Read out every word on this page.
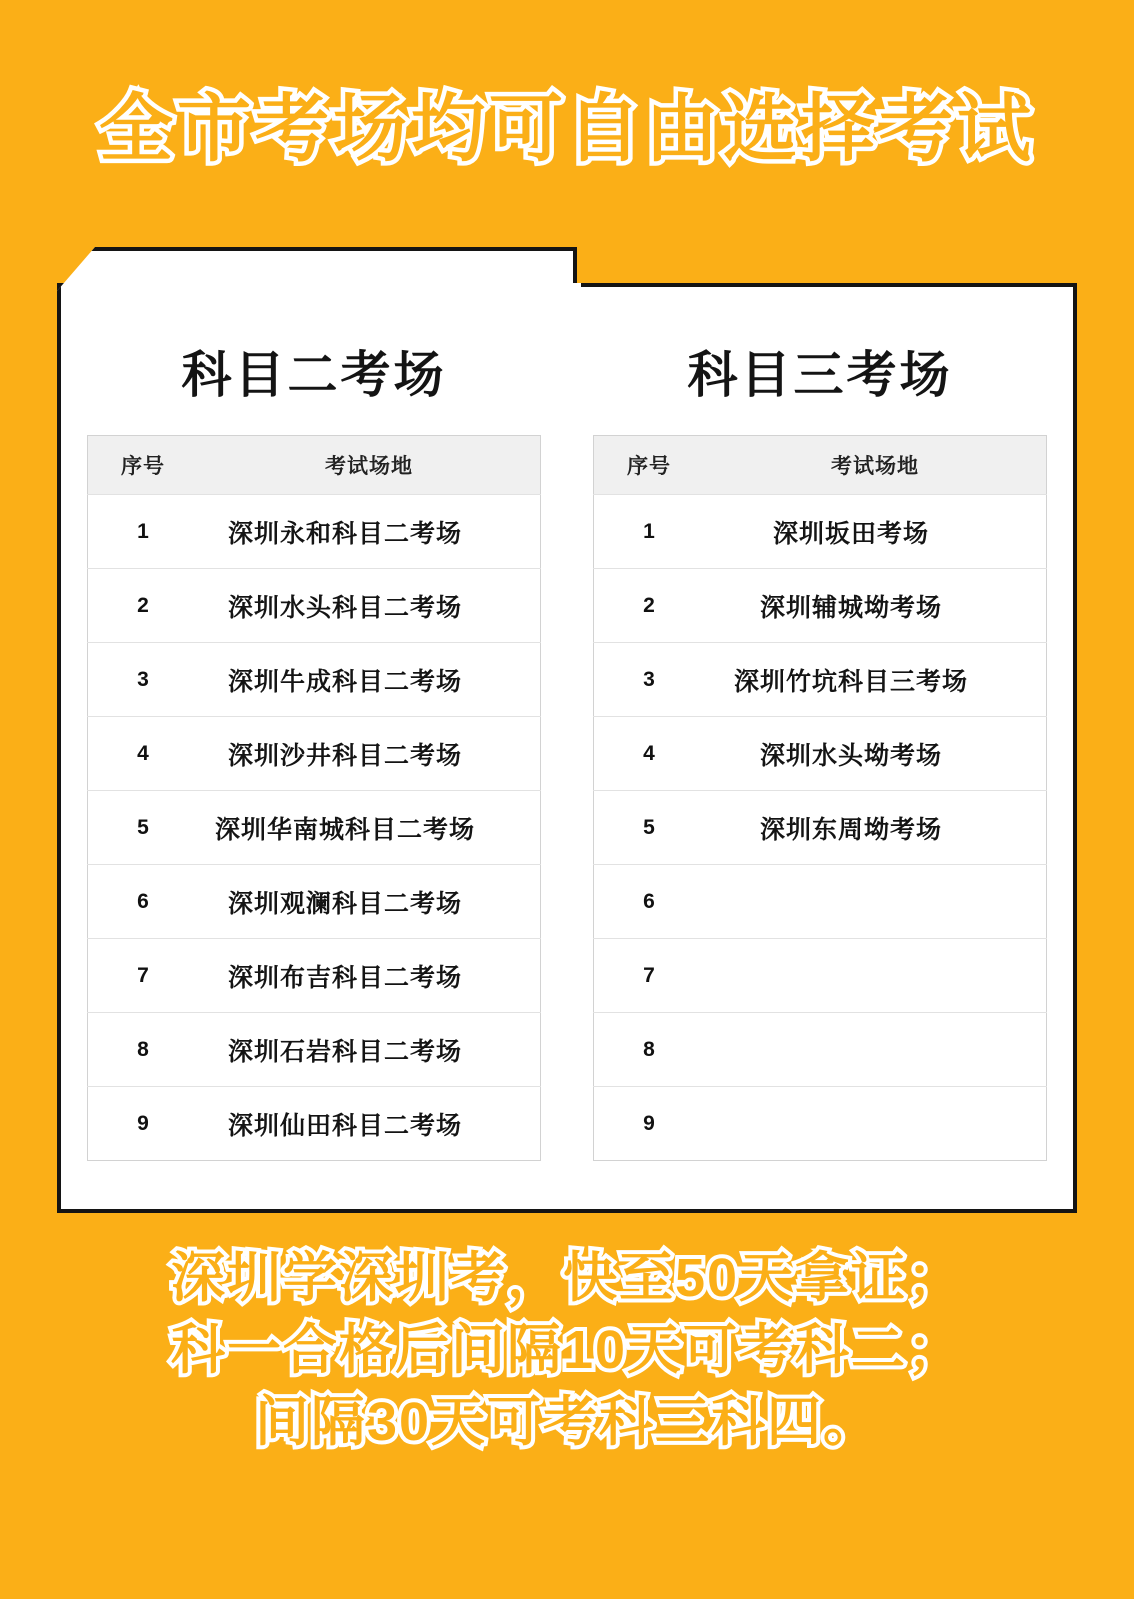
全市考场均可自由选择考试
科目二考场
序号	考试场地
1	深圳永和科目二考场
2	深圳水头科目二考场
3	深圳牛成科目二考场
4	深圳沙井科目二考场
5	深圳华南城科目二考场
6	深圳观澜科目二考场
7	深圳布吉科目二考场
8	深圳石岩科目二考场
9	深圳仙田科目二考场
科目三考场
序号	考试场地
1	深圳坂田考场
2	深圳辅城坳考场
3	深圳竹坑科目三考场
4	深圳水头坳考场
5	深圳东周坳考场
6	
7	
8	
9	
深圳学深圳考，快至50天拿证；
科一合格后间隔10天可考科二；
间隔30天可考科三科四。
